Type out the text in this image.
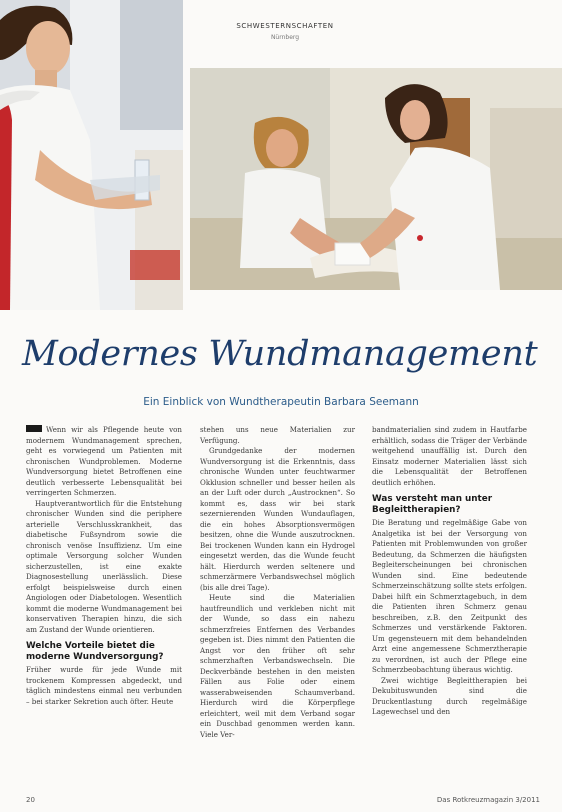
SCHWESTERNSCHAFTEN
Nürnberg
Modernes Wundmanagement
Ein Einblick von Wundtherapeutin Barbara Seemann

Wenn wir als Pflegende heute von modernem Wundmanagement sprechen, geht es vorwiegend um Patienten mit chronischen Wundproblemen. Moderne Wundversorgung bietet Betroffenen eine deutlich verbesserte Lebensqualität bei verringerten Schmerzen.

Hauptverantwortlich für die Entstehung chronischer Wunden sind die periphere arterielle Verschlusskrankheit, das diabetische Fußsyndrom sowie die chronisch venöse Insuffizienz. Um eine optimale Versorgung solcher Wunden sicherzustellen, ist eine exakte Diagnosestellung unerlässlich. Diese erfolgt beispielsweise durch einen Angiologen oder Diabetologen. Wesentlich kommt die moderne Wundmanagement bei konservativen Therapien hinzu, die sich am Zustand der Wunde orientieren.

Welche Vorteile bietet die moderne Wundversorgung?

Früher wurde für jede Wunde mit trockenem Kompressen abgedeckt, und täglich mindestens einmal neu verbunden – bei starker Sekretion auch öfter. Heute

stehen uns neue Materialien zur Verfügung.

Grundgedanke der modernen Wundversorgung ist die Erkenntnis, dass chronische Wunden unter feuchtwarmer Okklusion schneller und besser heilen als an der Luft oder durch „Austrocknen“. So kommt es, dass wir bei stark sezernierenden Wunden Wundauflagen, die ein hohes Absorptionsvermögen besitzen, ohne die Wunde auszutrocknen. Bei trockenen Wunden kann ein Hydrogel eingesetzt werden, das die Wunde feucht hält. Hierdurch werden seltenere und schmerzärmere Verbandswechsel möglich (bis alle drei Tage).

Heute sind die Materialien hautfreundlich und verkleben nicht mit der Wunde, so dass ein nahezu schmerzfreies Entfernen des Verbandes gegeben ist. Dies nimmt den Patienten die Angst vor den früher oft sehr schmerzhaften Verbandswechseln. Die Deckverbände bestehen in den meisten Fällen aus Folie oder einem wasserabweisenden Schaumverband. Hierdurch wird die Körperpflege erleichtert, weil mit dem Verband sogar ein Duschbad genommen werden kann. Viele Ver-

bandmaterialien sind zudem in Hautfarbe erhältlich, sodass die Träger der Verbände weitgehend unauffällig ist. Durch den Einsatz moderner Materialien lässt sich die Lebensqualität der Betroffenen deutlich erhöhen.

Was versteht man unter Begleittherapien?

Die Beratung und regelmäßige Gabe von Analgetika ist bei der Versorgung von Patienten mit Problemwunden von großer Bedeutung, da Schmerzen die häufigsten Begleiterscheinungen bei chronischen Wunden sind. Eine bedeutende Schmerzeinschätzung sollte stets erfolgen. Dabei hilft ein Schmerztagebuch, in dem die Patienten ihren Schmerz genau beschreiben, z.B. den Zeitpunkt des Schmerzes und verstärkende Faktoren. Um gegensteuern mit dem behandelnden Arzt eine angemessene Schmerztherapie zu verordnen, ist auch der Pflege eine Schmerzbeobachtung überaus wichtig.

Zwei wichtige Begleittherapien bei Dekubituswunden sind die Druckentlastung durch regelmäßige Lagewechsel und den

20	Das Rotkreuzmagazin 3/2011
